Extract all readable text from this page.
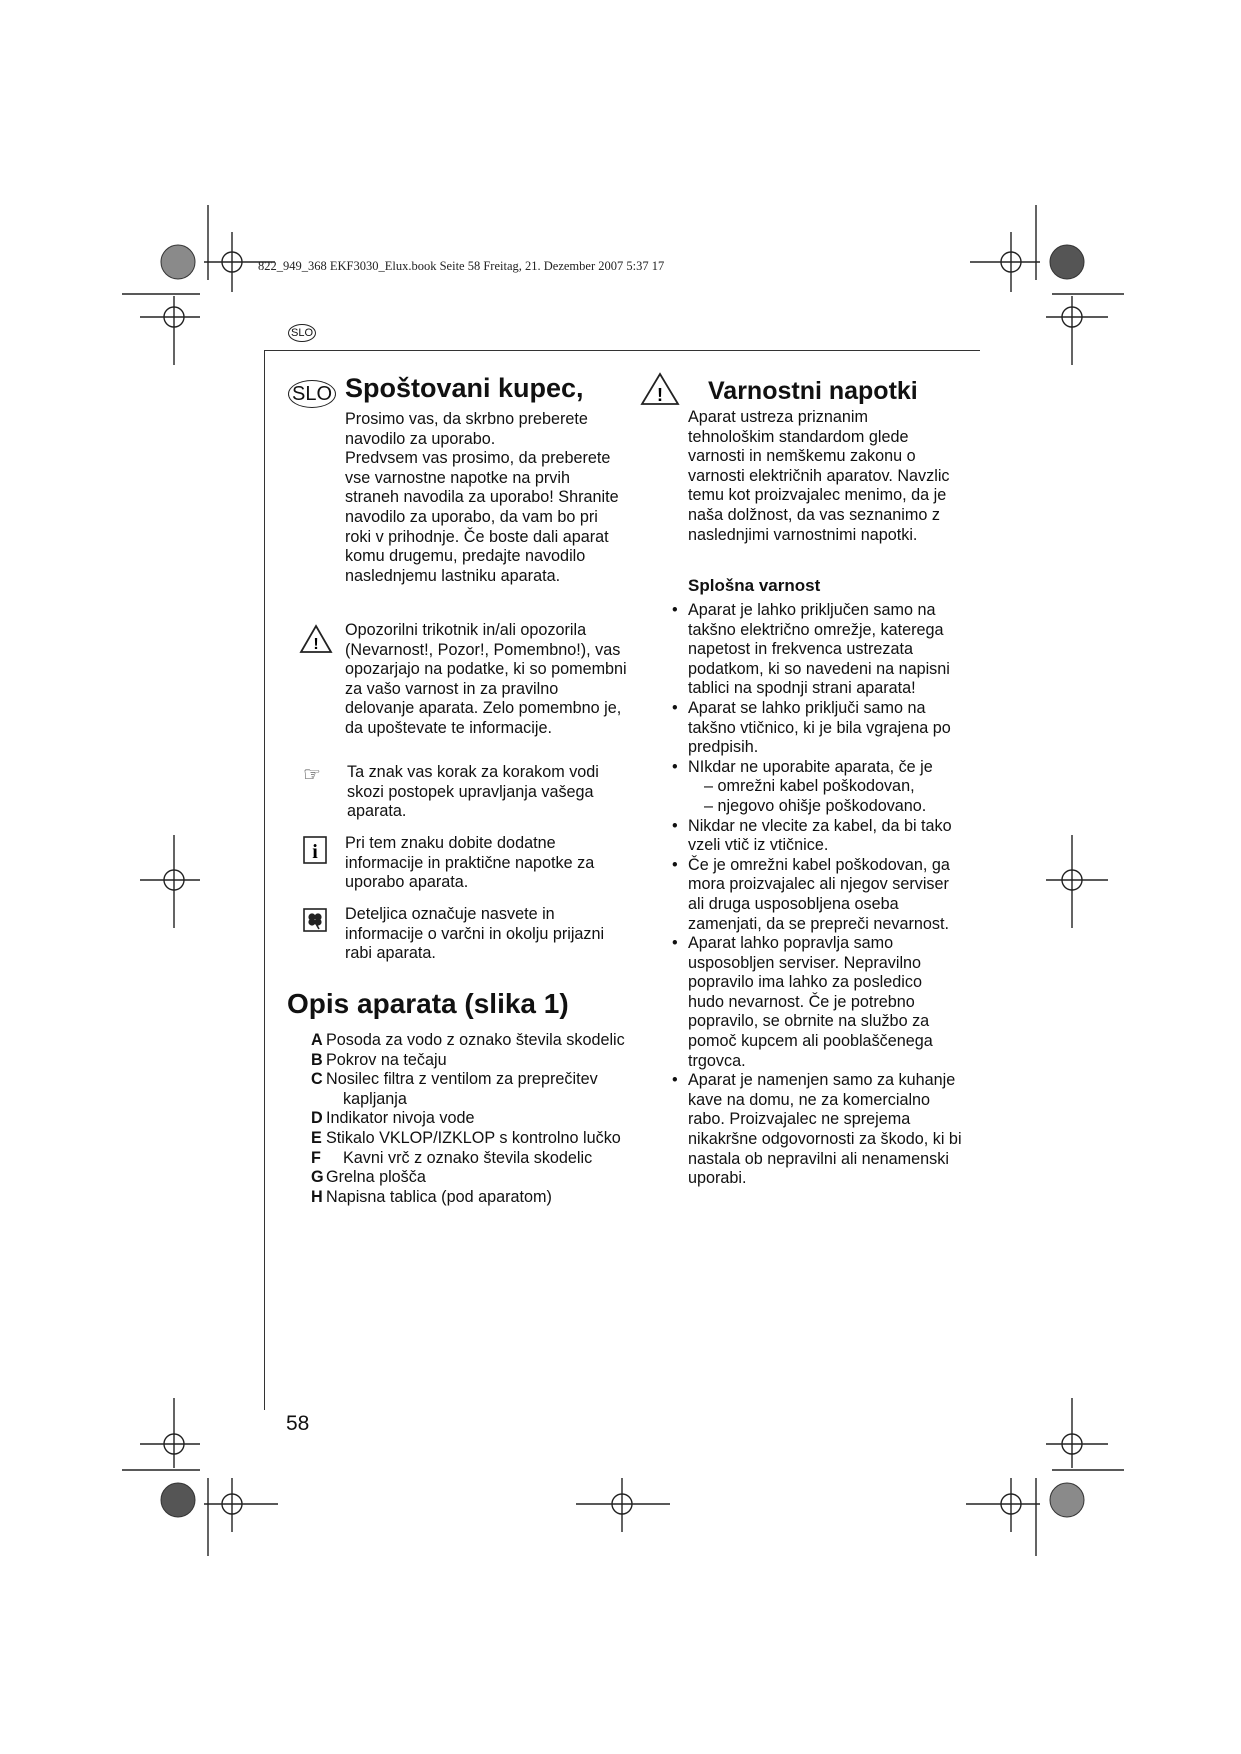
822_949_368 EKF3030_Elux.book Seite 58 Freitag, 21. Dezember 2007 5:37 17
SLO
SLO Spoštovani kupec,

Prosimo vas, da skrbno preberete navodilo za uporabo.

Predvsem vas prosimo, da preberete vse varnostne napotke na prvih straneh navodila za uporabo! Shranite navodilo za uporabo, da vam bo pri roki v prihodnje. Če boste dali aparat komu drugemu, predajte navodilo naslednjemu lastniku aparata.

!
Opozorilni trikotnik in/ali opozorila (Nevarnost!, Pozor!, Pomembno!), vas opozarjajo na podatke, ki so pomembni za vašo varnost in za pravilno delovanje aparata. Zelo pomembno je, da upoštevate te informacije.
☞ Ta znak vas korak za korakom vodi skozi postopek upravljanja vašega aparata.
i Pri tem znaku dobite dodatne informacije in praktične napotke za uporabo aparata.
Deteljica označuje nasvete in informacije o varčni in okolju prijazni rabi aparata.
Opis aparata (slika 1)
A Posoda za vodo z oznako števila skodelic
B Pokrov na tečaju
C Nosilec filtra z ventilom za preprečitev kapljanja
D Indikator nivoja vode
E Stikalo VKLOP/IZKLOP s kontrolno lučko
F	Kavni vrč z oznako števila skodelic
G Grelna plošča
H Napisna tablica (pod aparatom)
! Varnostni napotki
Aparat ustreza priznanim tehnološkim standardom glede varnosti in nemškemu zakonu o varnosti električnih aparatov. Navzlic temu kot proizvajalec menimo, da je naša dolžnost, da vas seznanimo z naslednjimi varnostnimi napotki.
Splošna varnost
• Aparat je lahko priključen samo na takšno električno omrežje, katerega napetost in frekvenca ustrezata podatkom, ki so navedeni na napisni tablici na spodnji strani aparata!
• Aparat se lahko priključi samo na takšno vtičnico, ki je bila vgrajena po predpisih.
• NIkdar ne uporabite aparata, če je
– omrežni kabel poškodovan,
– njegovo ohišje poškodovano.
• Nikdar ne vlecite za kabel, da bi tako vzeli vtič iz vtičnice.
• Če je omrežni kabel poškodovan, ga mora proizvajalec ali njegov serviser ali druga usposobljena oseba zamenjati, da se prepreči nevarnost.
• Aparat lahko popravlja samo usposobljen serviser. Nepravilno popravilo ima lahko za posledico hudo nevarnost. Če je potrebno popravilo, se obrnite na službo za pomoč kupcem ali pooblaščenega trgovca.
• Aparat je namenjen samo za kuhanje kave na domu, ne za komercialno rabo. Proizvajalec ne sprejema nikakršne odgovornosti za škodo, ki bi nastala ob nepravilni ali nenamenski uporabi.
58
